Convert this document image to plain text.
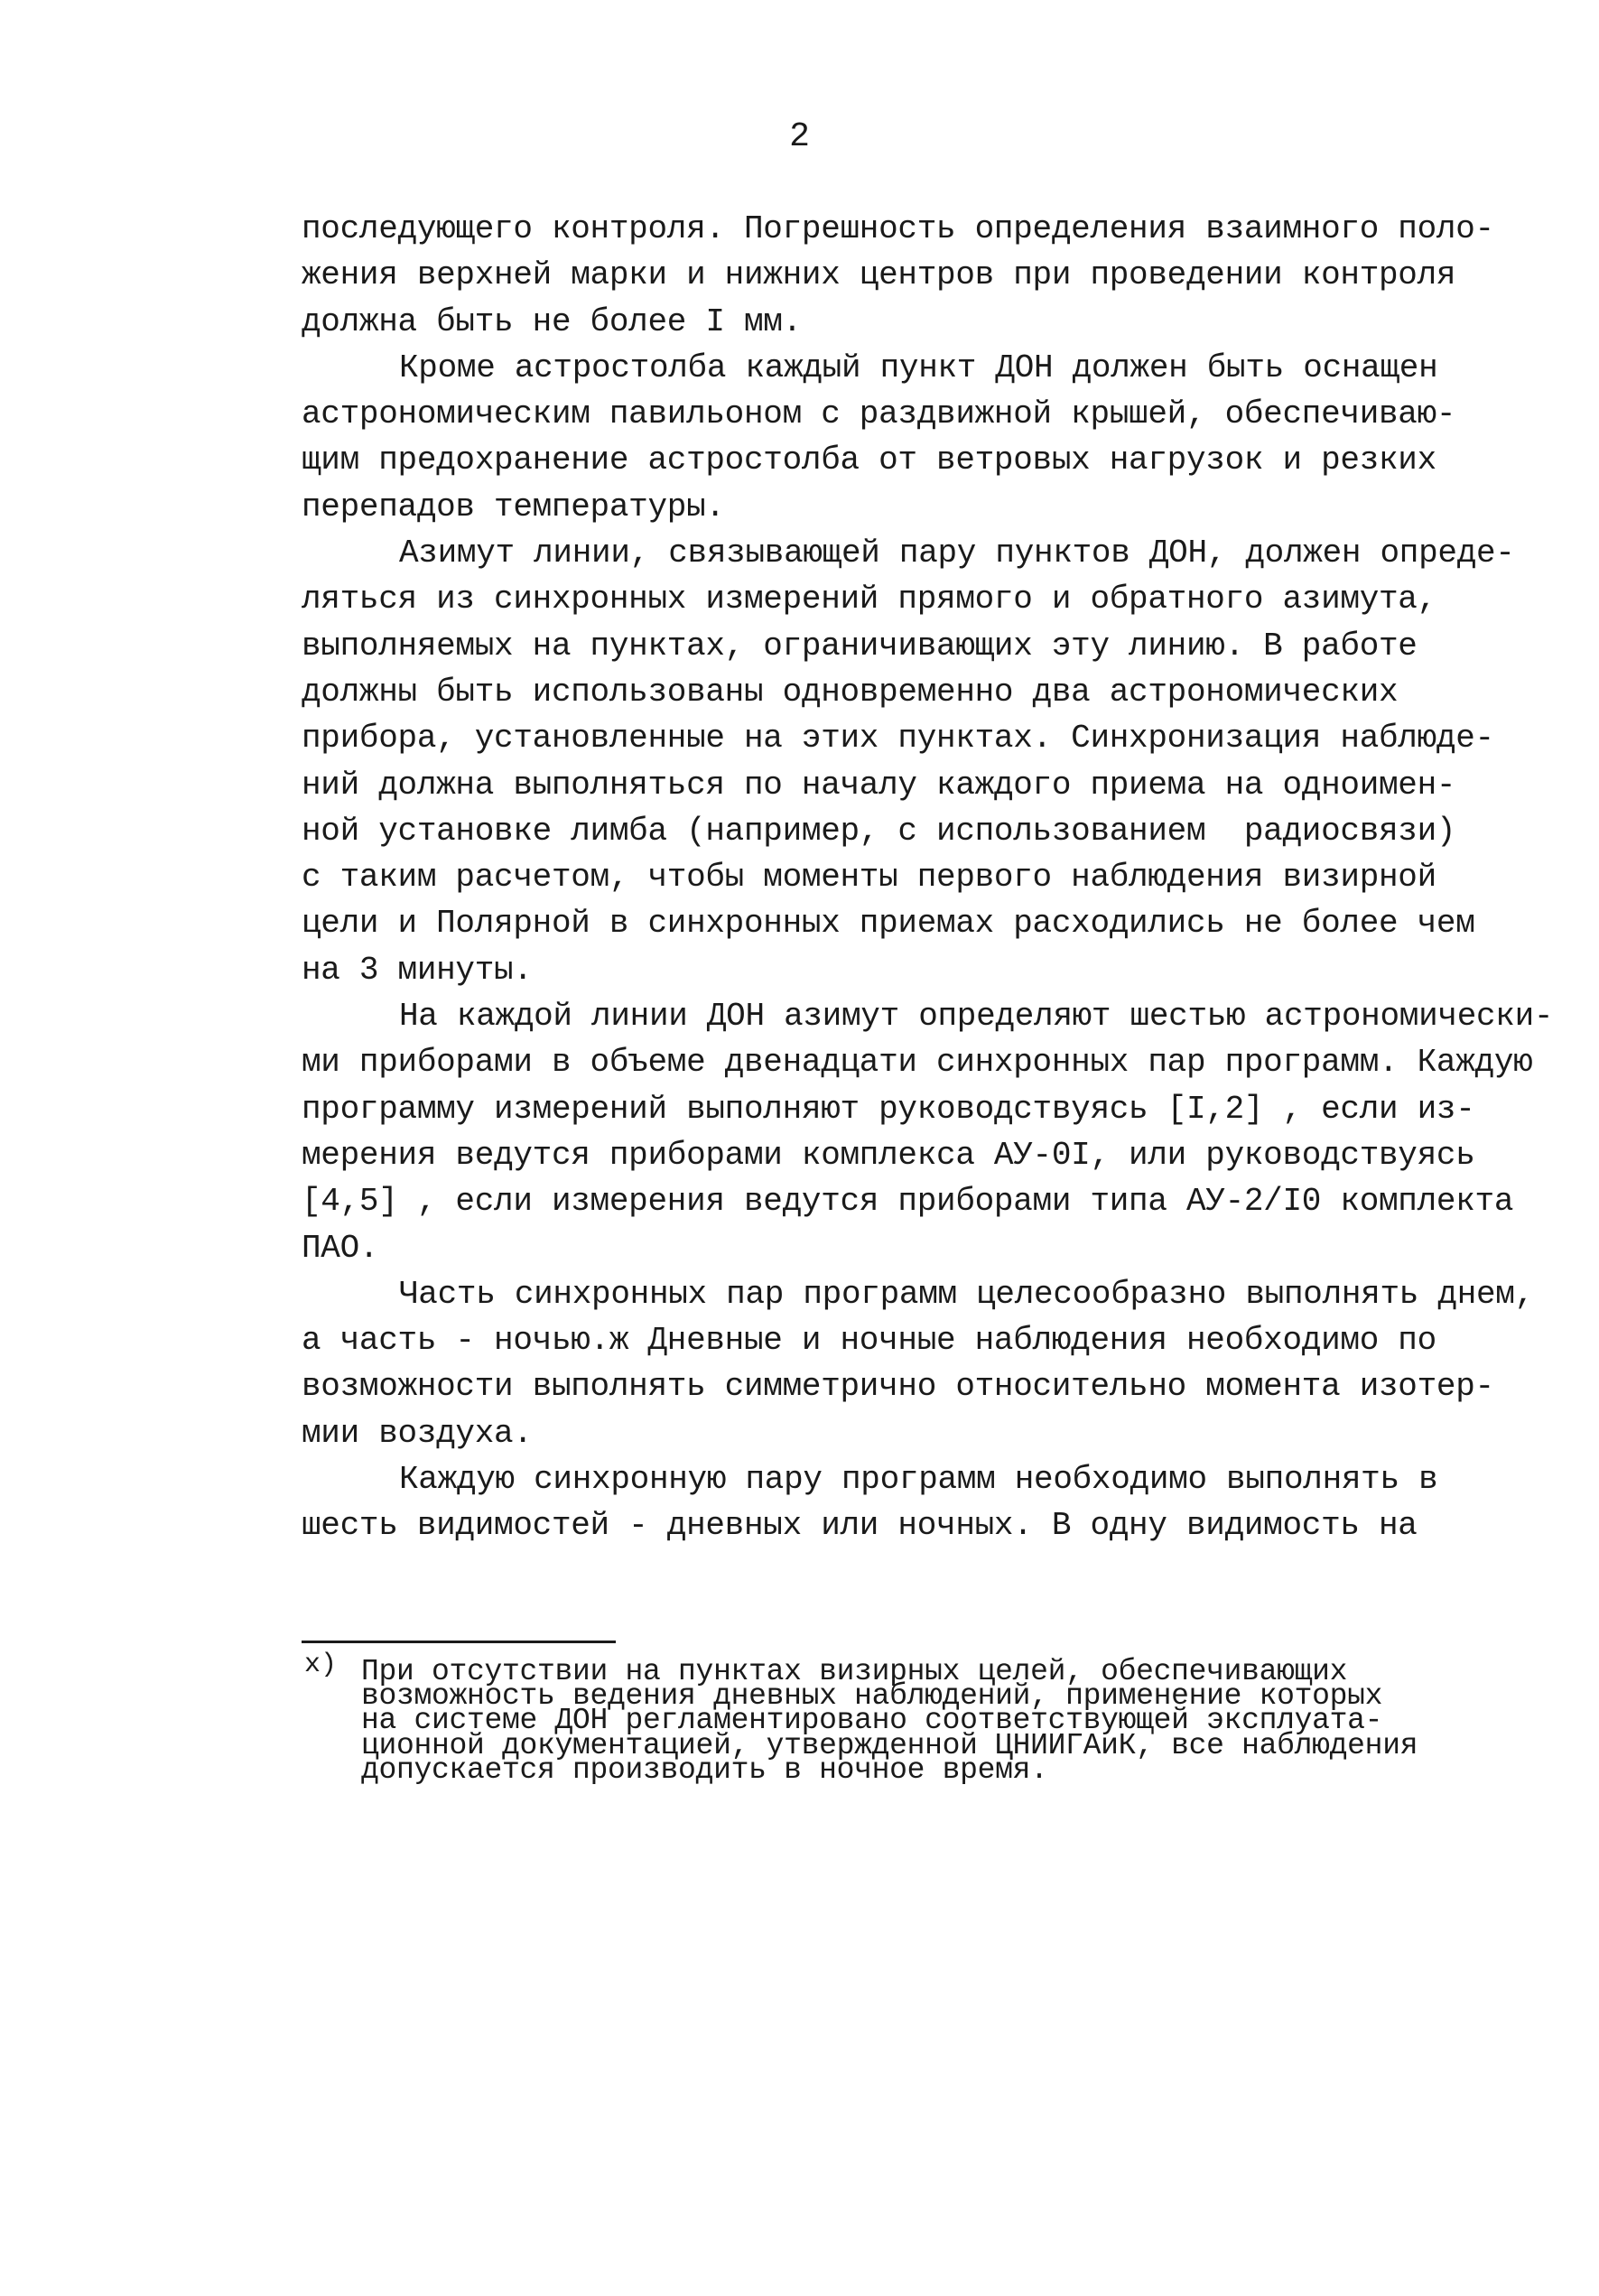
2
последующего контроля. Погрешность определения взаимного поло-
жения верхней марки и нижних центров при проведении контроля
должна быть не более I мм.
Кроме астростолба каждый пункт ДОН должен быть оснащен
астрономическим павильоном с раздвижной крышей, обеспечиваю-
щим предохранение астростолба от ветровых нагрузок и резких
перепадов температуры.
Азимут линии, связывающей пару пунктов ДОН, должен опреде-
ляться из синхронных измерений прямого и обратного азимута,
выполняемых на пунктах, ограничивающих эту линию. В работе
должны быть использованы одновременно два астрономических
прибора, установленные на этих пунктах. Синхронизация наблюде-
ний должна выполняться по началу каждого приема на одноимен-
ной установке лимба (например, с использованием  радиосвязи)
с таким расчетом, чтобы моменты первого наблюдения визирной
цели и Полярной в синхронных приемах расходились не более чем
на 3 минуты.
На каждой линии ДОН азимут определяют шестью астрономически-
ми приборами в объеме двенадцати синхронных пар программ. Каждую
программу измерений выполняют руководствуясь [I,2] , если из-
мерения ведутся приборами комплекса АУ-0I, или руководствуясь
[4,5] , если измерения ведутся приборами типа АУ-2/I0 комплекта
ПАО.
Часть синхронных пар программ целесообразно выполнять днем,
а часть - ночью.ж Дневные и ночные наблюдения необходимо по
возможности выполнять симметрично относительно момента изотер-
мии воздуха.
Каждую синхронную пару программ необходимо выполнять в
шесть видимостей - дневных или ночных. В одну видимость на
х) При отсутствии на пунктах визирных целей, обеспечивающих
возможность ведения дневных наблюдений, применение которых
на системе ДОН регламентировано соответствующей эксплуата-
ционной документацией, утвержденной ЦНИИГАиК, все наблюдения
допускается производить в ночное время.
